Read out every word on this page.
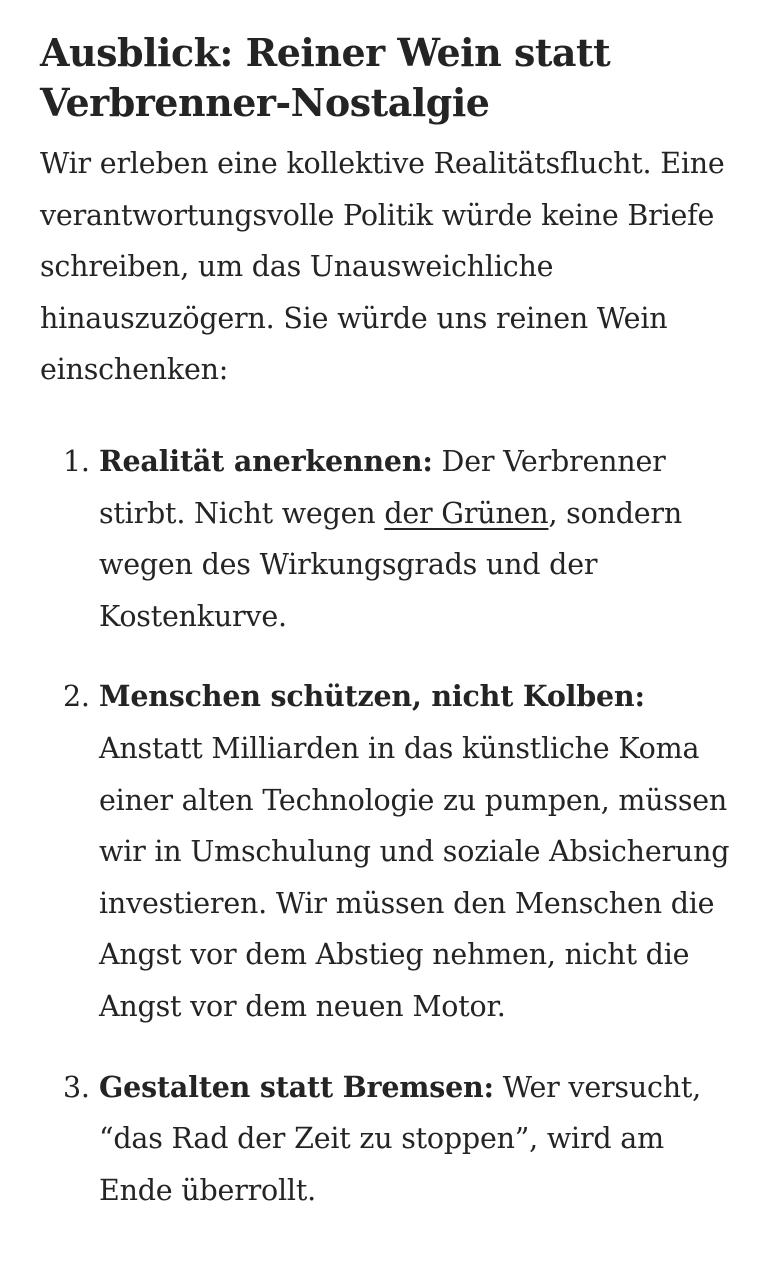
Ausblick: Reiner Wein statt
Verbrenner-Nostalgie

Wir erleben eine kollektive Realitätsflucht. Eine verantwortungsvolle Politik würde keine Briefe schreiben, um das Unausweichliche hinauszuzögern. Sie würde uns reinen Wein einschenken:

1. Realität anerkennen: Der Verbrenner stirbt. Nicht wegen der Grünen, sondern wegen des Wirkungsgrads und der Kostenkurve.
2. Menschen schützen, nicht Kolben: Anstatt Milliarden in das künstliche Koma einer alten Technologie zu pumpen, müssen wir in Umschulung und soziale Absicherung investieren. Wir müssen den Menschen die Angst vor dem Abstieg nehmen, nicht die Angst vor dem neuen Motor.
3. Gestalten statt Bremsen: Wer versucht, “das Rad der Zeit zu stoppen”, wird am Ende überrollt.
